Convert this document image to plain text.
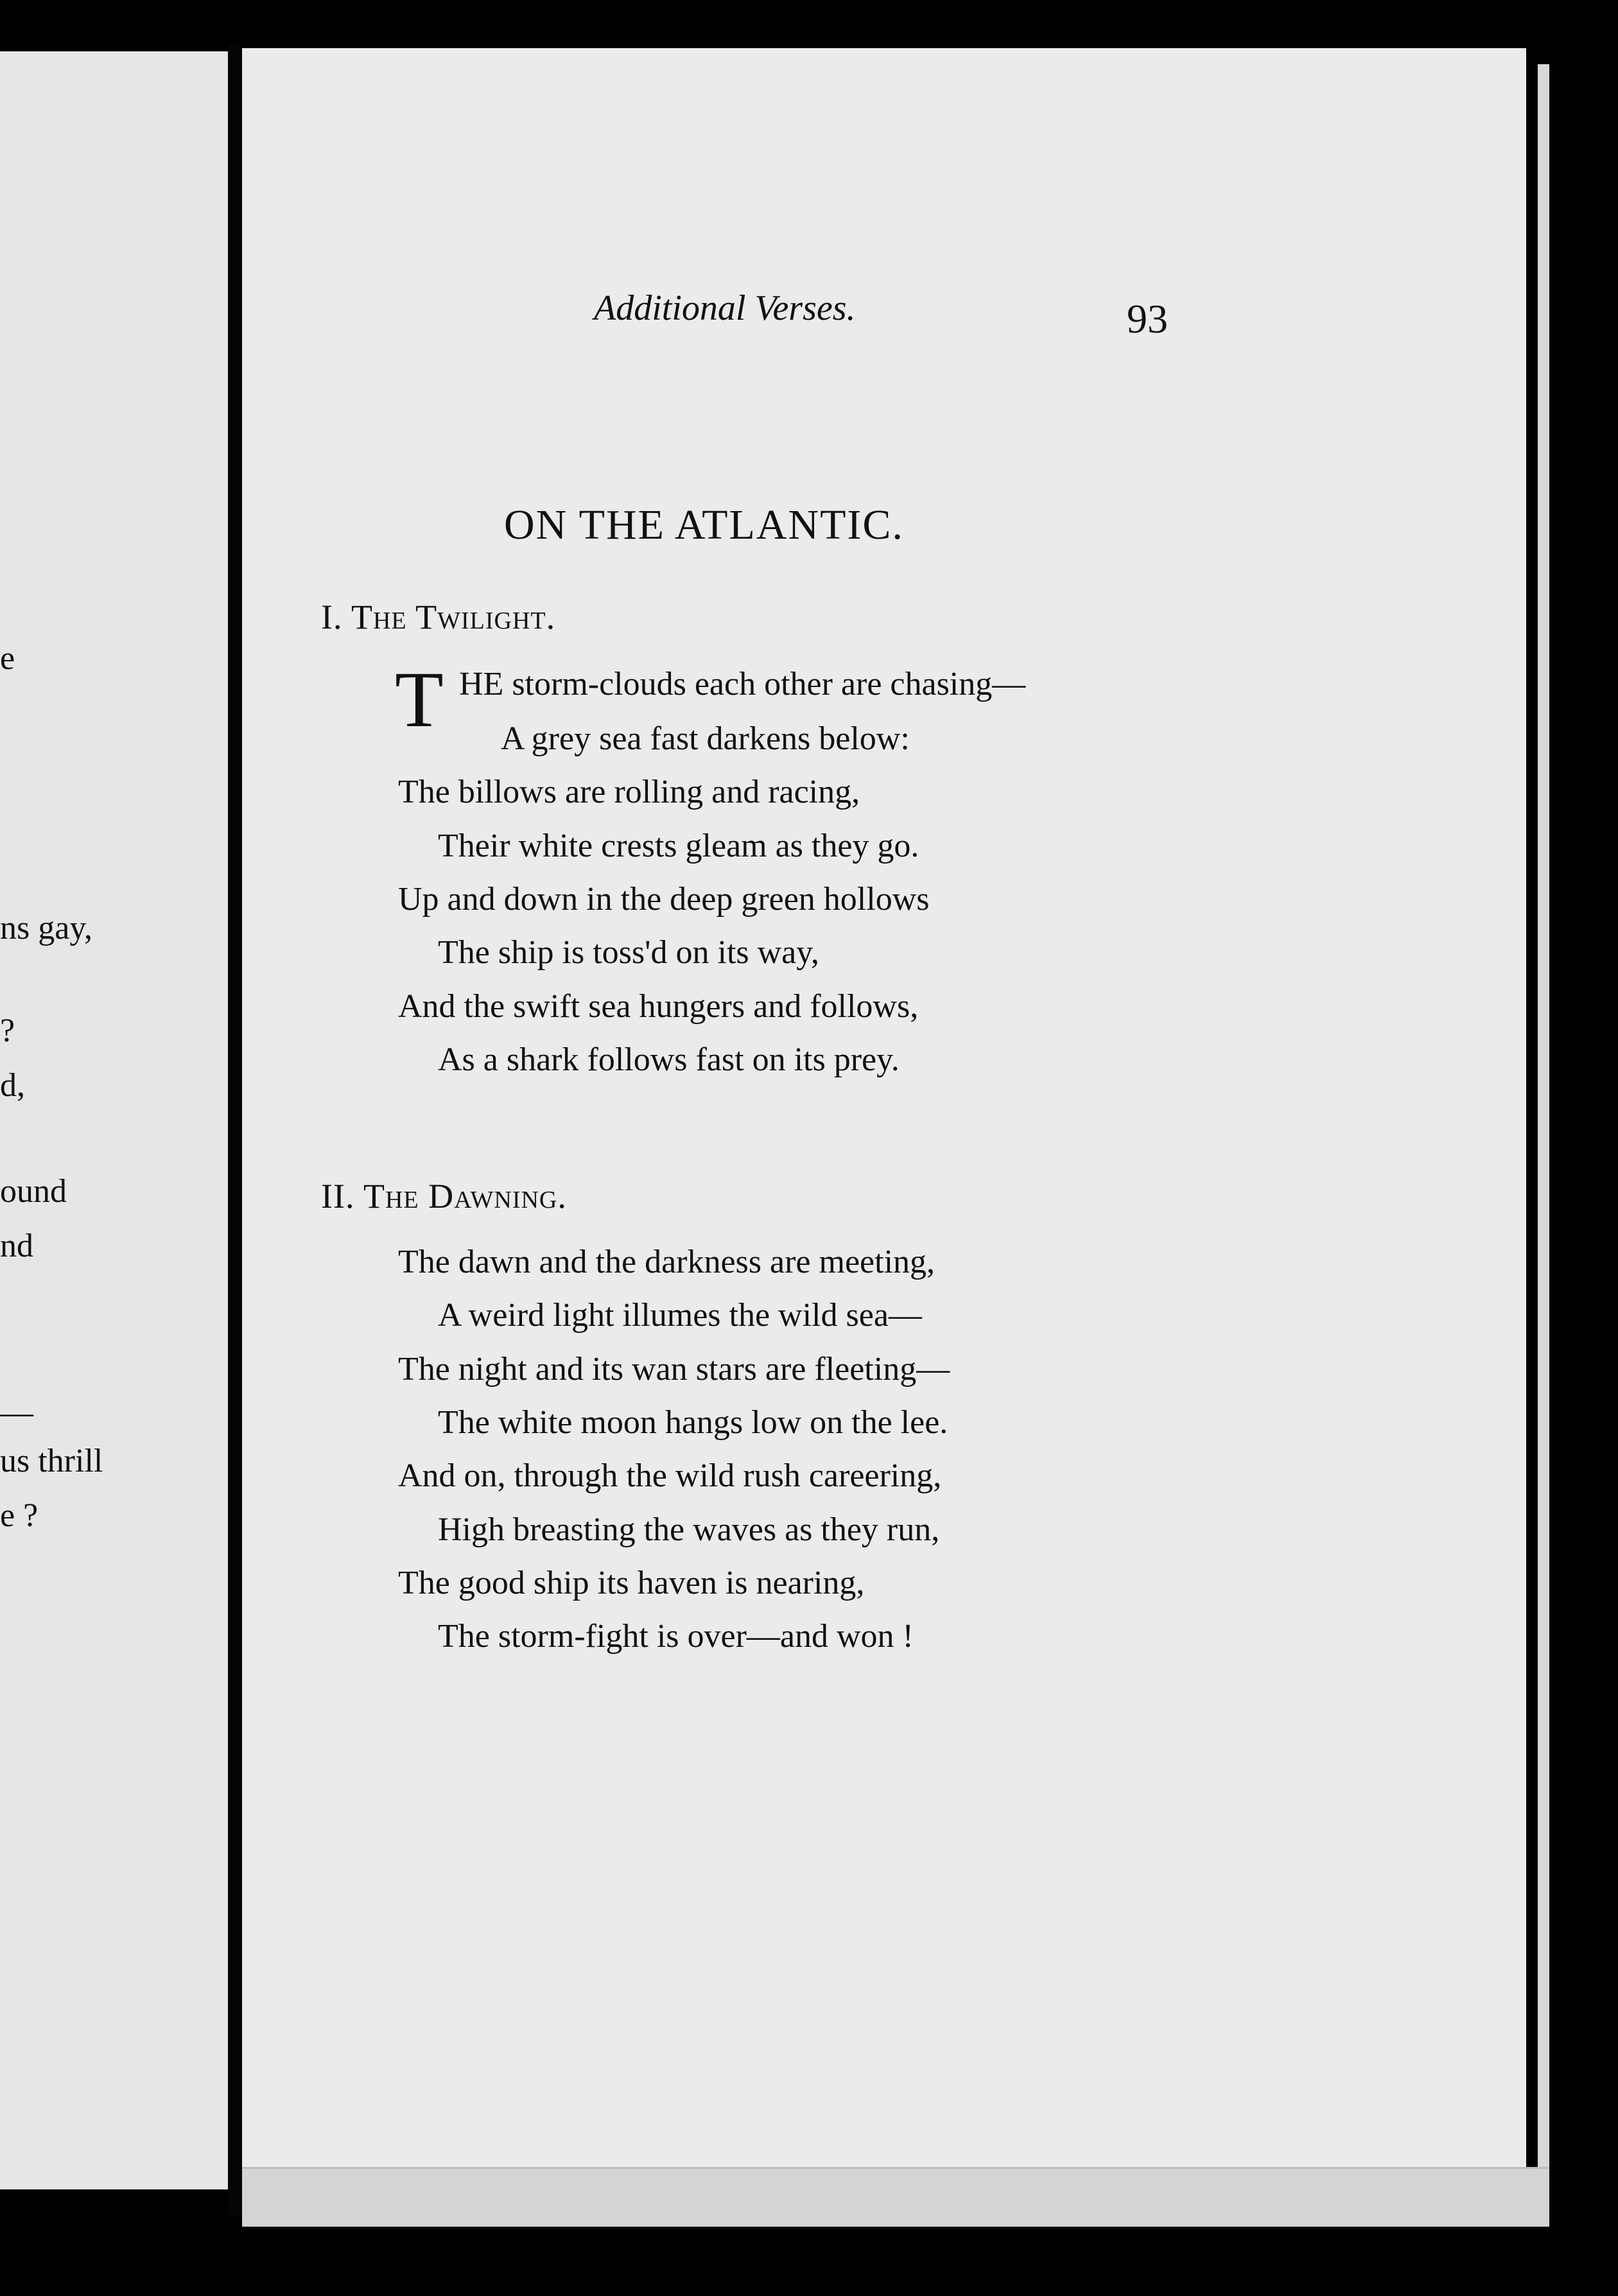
e
ns gay,
?
d,
ound
nd
—
us thrill
e ?
Additional Verses.	93
ON THE ATLANTIC.
I. The Twilight.
T HE storm-clouds each other are chasing—
A grey sea fast darkens below:
The billows are rolling and racing,
Their white crests gleam as they go.
Up and down in the deep green hollows
The ship is toss'd on its way,
And the swift sea hungers and follows,
As a shark follows fast on its prey.
II. The Dawning.
The dawn and the darkness are meeting,
A weird light illumes the wild sea—
The night and its wan stars are fleeting—
The white moon hangs low on the lee.
And on, through the wild rush careering,
High breasting the waves as they run,
The good ship its haven is nearing,
The storm-fight is over—and won !
